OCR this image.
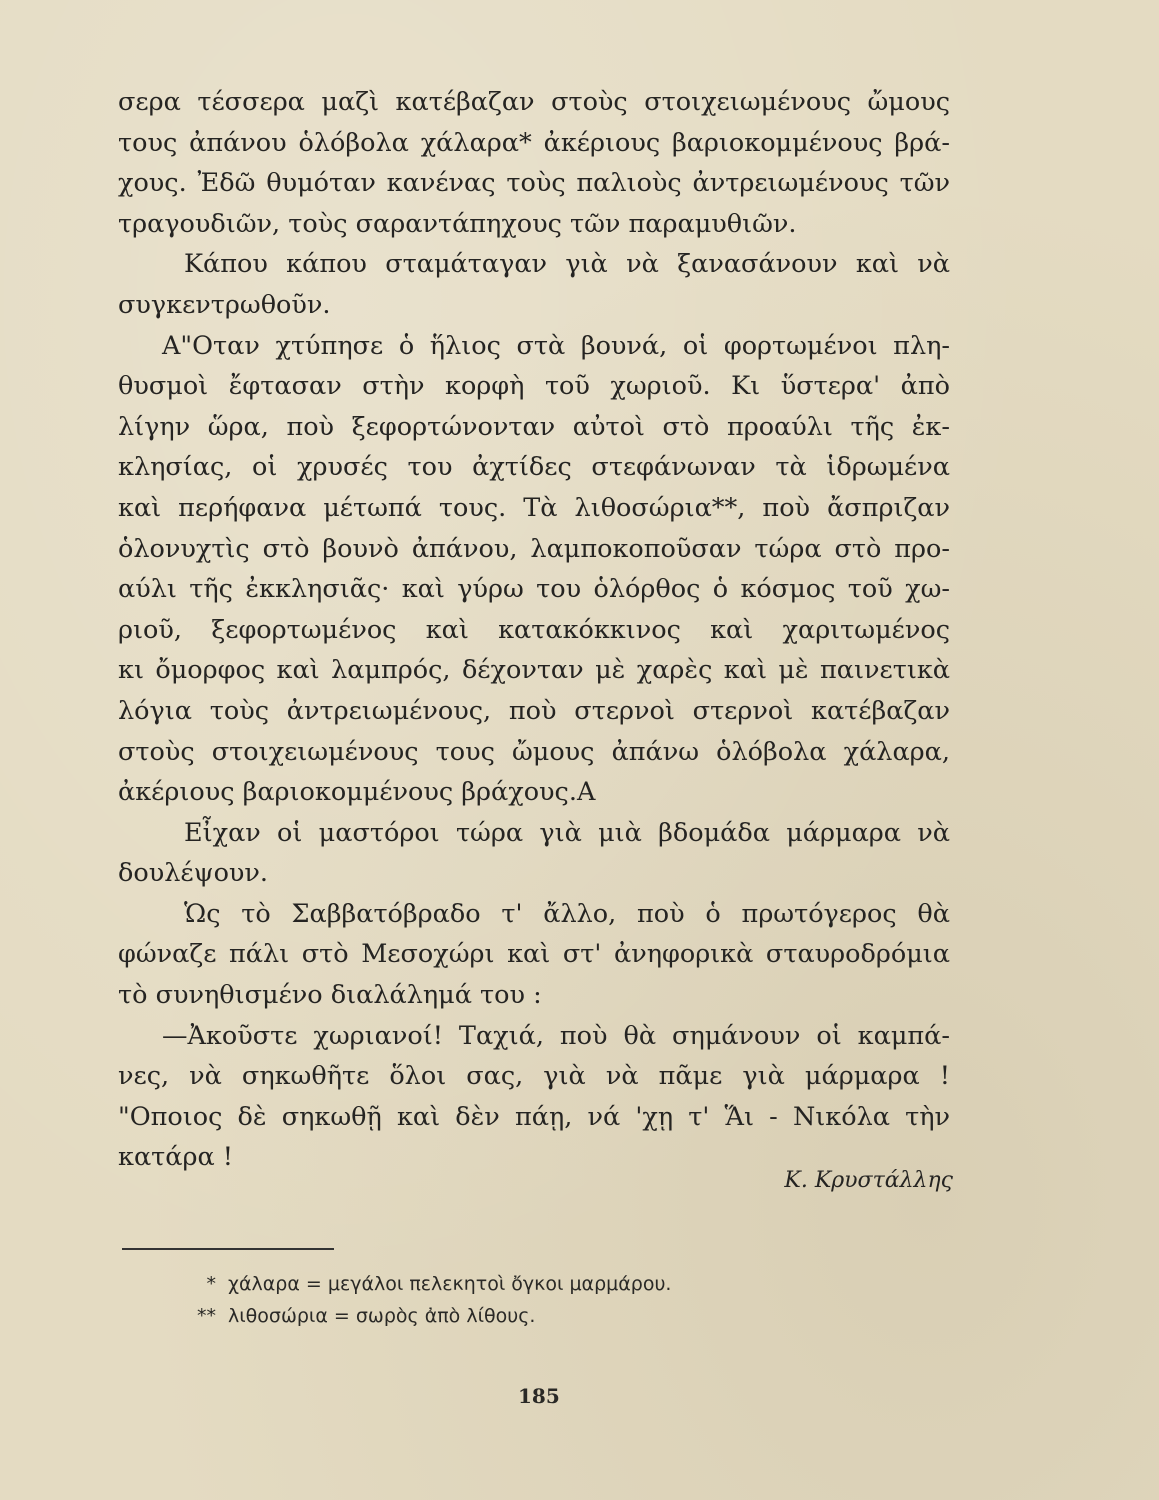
σερα τέσσερα μαζὶ κατέβαζαν στοὺς στοιχειωμένους ὤμους
τους ἀπάνου ὁλόβολα χάλαρα* ἀκέριους βαριοκομμένους βρά-
χους. Ἐδῶ θυμόταν κανένας τοὺς παλιοὺς ἀντρειωμένους τῶν
τραγουδιῶν, τοὺς σαραντάπηχους τῶν παραμυθιῶν.
Κάπου κάπου σταμάταγαν γιὰ νὰ ξανασάνουν καὶ νὰ
συγκεντρωθοῦν.
Α"Οταν χτύπησε ὁ ἥλιος στὰ βουνά, οἱ φορτωμένοι πλη-
θυσμοὶ ἔφτασαν στὴν κορφὴ τοῦ χωριοῦ. Κι ὕστερα' ἀπὸ
λίγην ὥρα, ποὺ ξεφορτώνονταν αὐτοὶ στὸ προαύλι τῆς ἐκ-
κλησίας, οἱ χρυσές του ἀχτίδες στεφάνωναν τὰ ἱδρωμένα
καὶ περήφανα μέτωπά τους. Τὰ λιθοσώρια**, ποὺ ἄσπριζαν
ὁλονυχτὶς στὸ βουνὸ ἀπάνου, λαμποκοποῦσαν τώρα στὸ προ-
αύλι τῆς ἐκκλησιᾶς· καὶ γύρω του ὁλόρθος ὁ κόσμος τοῦ χω-
ριοῦ, ξεφορτωμένος καὶ κατακόκκινος καὶ χαριτωμένος
κι ὄμορφος καὶ λαμπρός, δέχονταν μὲ χαρὲς καὶ μὲ παινετικὰ
λόγια τοὺς ἀντρειωμένους, ποὺ στερνοὶ στερνοὶ κατέβαζαν
στοὺς στοιχειωμένους τους ὤμους ἀπάνω ὁλόβολα χάλαρα,
ἀκέριους βαριοκομμένους βράχους.Α
Εἶχαν οἱ μαστόροι τώρα γιὰ μιὰ βδομάδα μάρμαρα νὰ
δουλέψουν.
Ὡς τὸ Σαββατόβραδο τ' ἄλλο, ποὺ ὁ πρωτόγερος θὰ
φώναζε πάλι στὸ Μεσοχώρι καὶ στ' ἀνηφορικὰ σταυροδρόμια
τὸ συνηθισμένο διαλάλημά του :
—Ἀκοῦστε χωριανοί! Ταχιά, ποὺ θὰ σημάνουν οἱ καμπά-
νες, νὰ σηκωθῆτε ὅλοι σας, γιὰ νὰ πᾶμε γιὰ μάρμαρα !
"Οποιος δὲ σηκωθῇ καὶ δὲν πάῃ, νά 'χῃ τ' Ἅι - Νικόλα τὴν
κατάρα !
Κ. Κρυστάλλης
* χάλαρα = μεγάλοι πελεκητοὶ ὄγκοι μαρμάρου.
** λιθοσώρια = σωρὸς ἀπὸ λίθους.
185
